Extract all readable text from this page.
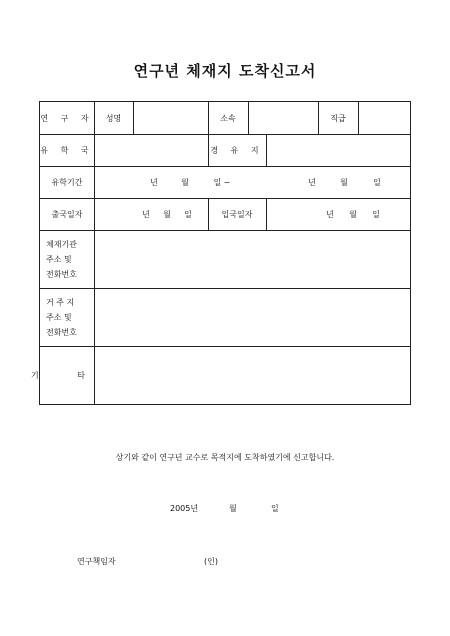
연구년 체재지 도착신고서
연 구 자	성명	소속	직급
유 학 국	경 유 지
유학기간	년	월	일 ~	년	월	일
출국일자	년	월	일	입국일자	년	월	일
체재기관
주소 및
전화번호
거 주 지
주소 및
전화번호
기 타
상기와 같이 연구년 교수로 목적지에 도착하였기에 신고합니다.
2005년	월	일
연구책임자	(인)
